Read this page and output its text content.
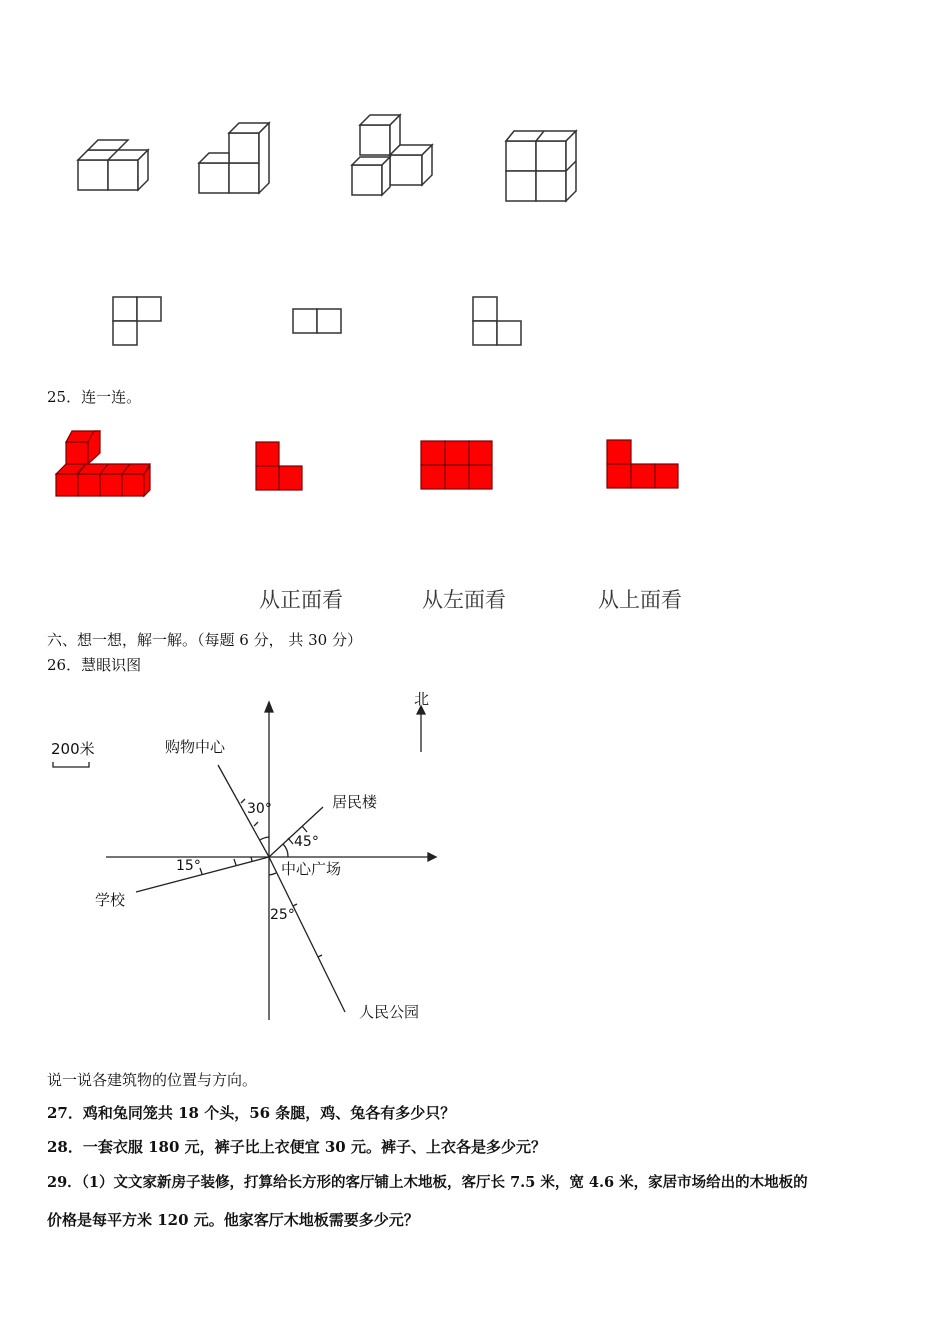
25．连一连。
从正面看	从左面看	从上面看
六、想一想，解一解。（每题 6 分， 共 30 分）
26．慧眼识图
北
200米	购物中心
居民楼
中心广场
学校
人民公园
30°
45°
15°
25°
说一说各建筑物的位置与方向。
27．鸡和兔同笼共 18 个头，56 条腿，鸡、兔各有多少只？
28．一套衣服 180 元，裤子比上衣便宜 30 元。裤子、上衣各是多少元？
29．（1）文文家新房子装修，打算给长方形的客厅铺上木地板，客厅长 7.5 米，宽 4.6 米，家居市场给出的木地板的
价格是每平方米 120 元。他家客厅木地板需要多少元？
